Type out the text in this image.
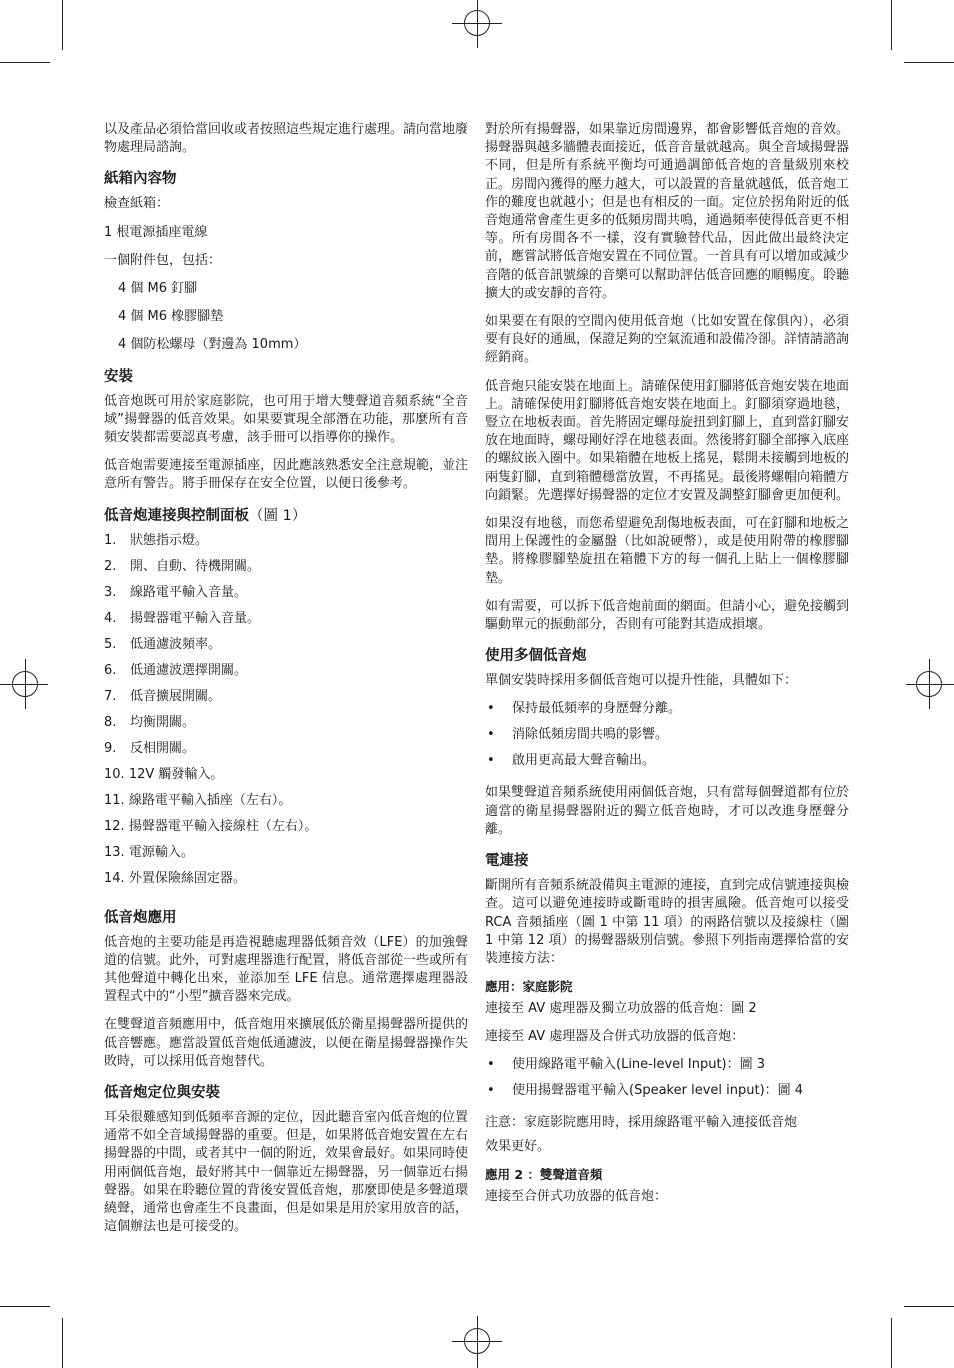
以及產品必須恰當回收或者按照這些規定進行處理。請向當地廢物處理局諮詢。

紙箱內容物

檢查紙箱：

1 根電源插座電線

一個附件包，包括：

4 個 M6 釘腳

4 個 M6 橡膠腳墊

4 個防松螺母（對邊為 10mm）

安裝

低音炮既可用於家庭影院，也可用于增大雙聲道音頻系統“全音域”揚聲器的低音效果。如果要實現全部潛在功能，那麼所有音頻安裝都需要認真考慮，該手冊可以指導你的操作。

低音炮需要連接至電源插座，因此應該熟悉安全注意規範，並注意所有警告。將手冊保存在安全位置，以便日後參考。

低音炮連接與控制面板（圖 1）
1. 狀態指示燈。
2. 開、自動、待機開關。
3. 線路電平輸入音量。
4. 揚聲器電平輸入音量。
5. 低通濾波頻率。
6. 低通濾波選擇開關。
7. 低音擴展開關。
8. 均衡開關。
9. 反相開關。
10. 12V 觸發輸入。
11. 線路電平輸入插座（左右）。
12. 揚聲器電平輸入接線柱（左右）。
13. 電源輸入。
14. 外置保險絲固定器。
低音炮應用

低音炮的主要功能是再造視聽處理器低頻音效（LFE）的加強聲道的信號。此外，可對處理器進行配置，將低音部從一些或所有其他聲道中轉化出來，並添加至 LFE 信息。通常選擇處理器設置程式中的“小型”擴音器來完成。

在雙聲道音頻應用中，低音炮用來擴展低於衛星揚聲器所提供的低音響應。應當設置低音炮低通濾波，以便在衛星揚聲器操作失敗時，可以採用低音炮替代。

低音炮定位與安裝

耳朵很難感知到低頻率音源的定位，因此聽音室內低音炮的位置通常不如全音域揚聲器的重要。但是，如果將低音炮安置在左右揚聲器的中間，或者其中一個的附近，效果會最好。如果同時使用兩個低音炮，最好將其中一個靠近左揚聲器，另一個靠近右揚聲器。如果在聆聽位置的背後安置低音炮，那麼即使是多聲道環繞聲，通常也會產生不良畫面，但是如果是用於家用放音的話，這個辦法也是可接受的。

對於所有揚聲器，如果靠近房間邊界，都會影響低音炮的音效。揚聲器與越多牆體表面接近，低音音量就越高。與全音域揚聲器不同，但是所有系統平衡均可通過調節低音炮的音量級別來校正。房間內獲得的壓力越大，可以設置的音量就越低，低音炮工作的難度也就越小；但是也有相反的一面。定位於拐角附近的低音炮通常會產生更多的低頻房間共鳴，通過頻率使得低音更不相等。所有房間各不一樣，沒有實驗替代品，因此做出最終決定前，應嘗試將低音炮安置在不同位置。一首具有可以增加或減少音階的低音訊號線的音樂可以幫助評估低音回應的順暢度。聆聽擴大的或安靜的音符。

如果要在有限的空間內使用低音炮（比如安置在傢俱內），必須要有良好的通風，保證足夠的空氣流通和設備冷卻。詳情請諮詢經銷商。

低音炮只能安裝在地面上。請確保使用釘腳將低音炮安裝在地面上。請確保使用釘腳將低音炮安裝在地面上。釘腳須穿過地毯，豎立在地板表面。首先將固定螺母旋扭到釘腳上，直到當釘腳安放在地面時，螺母剛好浮在地毯表面。然後將釘腳全部擰入底座的螺紋嵌入圈中。如果箱體在地板上搖晃，鬆開未接觸到地板的兩隻釘腳，直到箱體穩當放置，不再搖晃。最後將螺帽向箱體方向鎖緊。先選擇好揚聲器的定位才安置及調整釘腳會更加便利。

如果沒有地毯，而您希望避免刮傷地板表面，可在釘腳和地板之間用上保護性的金屬盤（比如說硬幣），或是使用附帶的橡膠腳墊。將橡膠腳墊旋扭在箱體下方的每一個孔上貼上一個橡膠腳墊。

如有需要，可以拆下低音炮前面的網面。但請小心，避免接觸到驅動單元的振動部分，否則有可能對其造成損壞。

使用多個低音炮

單個安裝時採用多個低音炮可以提升性能，具體如下：

• 保持最低頻率的身歷聲分離。
• 消除低頻房間共鳴的影響。
• 啟用更高最大聲音輸出。

如果雙聲道音頻系統使用兩個低音炮，只有當每個聲道都有位於適當的衛星揚聲器附近的獨立低音炮時，才可以改進身歷聲分離。

電連接

斷開所有音頻系統設備與主電源的連接，直到完成信號連接與檢查。這可以避免連接時或斷電時的損害風險。低音炮可以接受 RCA 音頻插座（圖 1 中第 11 項）的兩路信號以及接線柱（圖 1 中第 12 項）的揚聲器級別信號。參照下列指南選擇恰當的安裝連接方法：

應用：家庭影院

連接至 AV 處理器及獨立功放器的低音炮：圖 2

連接至 AV 處理器及合併式功放器的低音炮：

• 使用線路電平輸入(Line-level Input)：圖 3
• 使用揚聲器電平輸入(Speaker level input)：圖 4

注意：家庭影院應用時，採用線路電平輸入連接低音炮

效果更好。

應用 2 ：雙聲道音頻

連接至合併式功放器的低音炮：
